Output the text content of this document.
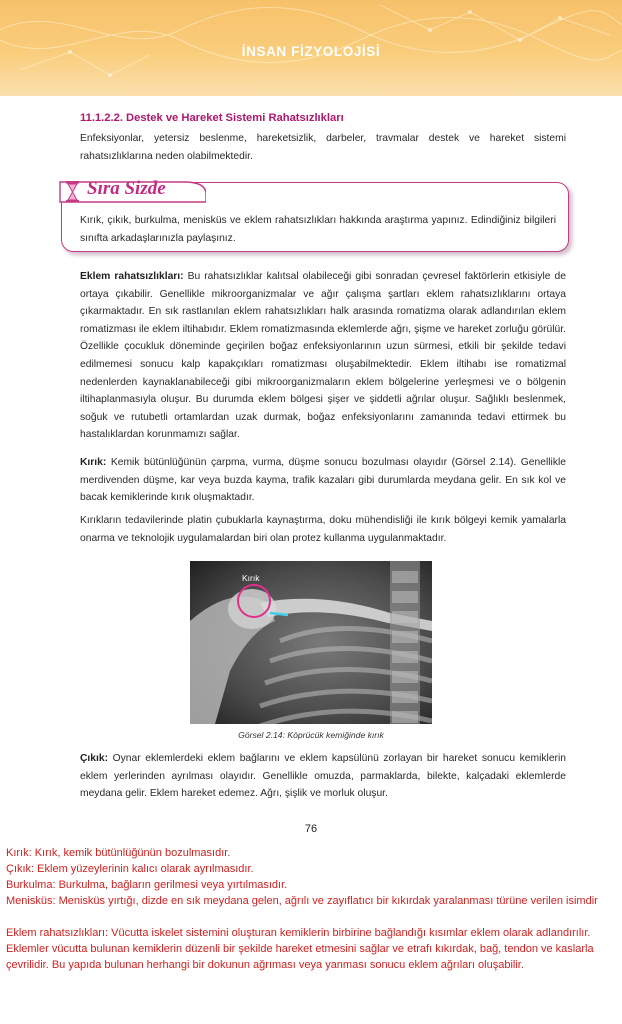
İNSAN FİZYOLOJİSİ
11.1.2.2. Destek ve Hareket Sistemi Rahatsızlıkları
Enfeksiyonlar, yetersiz beslenme, hareketsizlik, darbeler, travmalar destek ve hareket sistemi rahatsızlıklarına neden olabilmektedir.
Sıra Sizde
Kırık, çıkık, burkulma, menisküs ve eklem rahatsızlıkları hakkında araştırma yapınız. Edindiğiniz bilgileri sınıfta arkadaşlarınızla paylaşınız.
Eklem rahatsızlıkları: Bu rahatsızlıklar kalıtsal olabileceği gibi sonradan çevresel faktörlerin etkisiyle de ortaya çıkabilir. Genellikle mikroorganizmalar ve ağır çalışma şartları eklem rahatsızlıklarını ortaya çıkarmaktadır. En sık rastlanılan eklem rahatsızlıkları halk arasında romatizma olarak adlandırılan eklem romatizması ile eklem iltihabıdır. Eklem romatizmasında eklemlerde ağrı, şişme ve hareket zorluğu görülür. Özellikle çocukluk döneminde geçirilen boğaz enfeksiyonlarının uzun sürmesi, etkili bir şekilde tedavi edilmemesi sonucu kalp kapakçıkları romatizması oluşabilmektedir. Eklem iltihabı ise romatizmal nedenlerden kaynaklanabileceği gibi mikroorganizmaların eklem bölgelerine yerleşmesi ve o bölgenin iltihaplanmasıyla oluşur. Bu durumda eklem bölgesi şişer ve şiddetli ağrılar oluşur. Sağlıklı beslenmek, soğuk ve rutubetli ortamlardan uzak durmak, boğaz enfeksiyonlarını zamanında tedavi ettirmek bu hastalıklardan korunmamızı sağlar.
Kırık: Kemik bütünlüğünün çarpma, vurma, düşme sonucu bozulması olayıdır (Görsel 2.14). Genellikle merdivenden düşme, kar veya buzda kayma, trafik kazaları gibi durumlarda meydana gelir. En sık kol ve bacak kemiklerinde kırık oluşmaktadır.
Kırıkların tedavilerinde platin çubuklarla kaynaştırma, doku mühendisliği ile kırık bölgeyi kemik yamalarla onarma ve teknolojik uygulamalardan biri olan protez kullanma uygulanmaktadır.
Kırık
Görsel 2.14: Köprücük kemiğinde kırık
Çıkık: Oynar eklemlerdeki eklem bağlarını ve eklem kapsülünü zorlayan bir hareket sonucu kemiklerin eklem yerlerinden ayrılması olayıdır. Genellikle omuzda, parmaklarda, bilekte, kalçadaki eklemlerde meydana gelir. Eklem hareket edemez. Ağrı, şişlik ve morluk oluşur.
76
Kırık: Kırık, kemik bütünlüğünün bozulmasıdır.
Çıkık: Eklem yüzeylerinin kalıcı olarak ayrılmasıdır.
Burkulma: Burkulma, bağların gerilmesi veya yırtılmasıdır.
Menisküs: Menisküs yırtığı, dizde en sık meydana gelen, ağrılı ve zayıflatıcı bir kıkırdak yaralanması türüne verilen isimdir
Eklem rahatsızlıkları: Vücutta iskelet sistemini oluşturan kemiklerin birbirine bağlandığı kısımlar eklem olarak adlandırılır. Eklemler vücutta bulunan kemiklerin düzenli bir şekilde hareket etmesini sağlar ve etrafı kıkırdak, bağ, tendon ve kaslarla çevrilidir. Bu yapıda bulunan herhangi bir dokunun ağrıması veya yanması sonucu eklem ağrıları oluşabilir.
